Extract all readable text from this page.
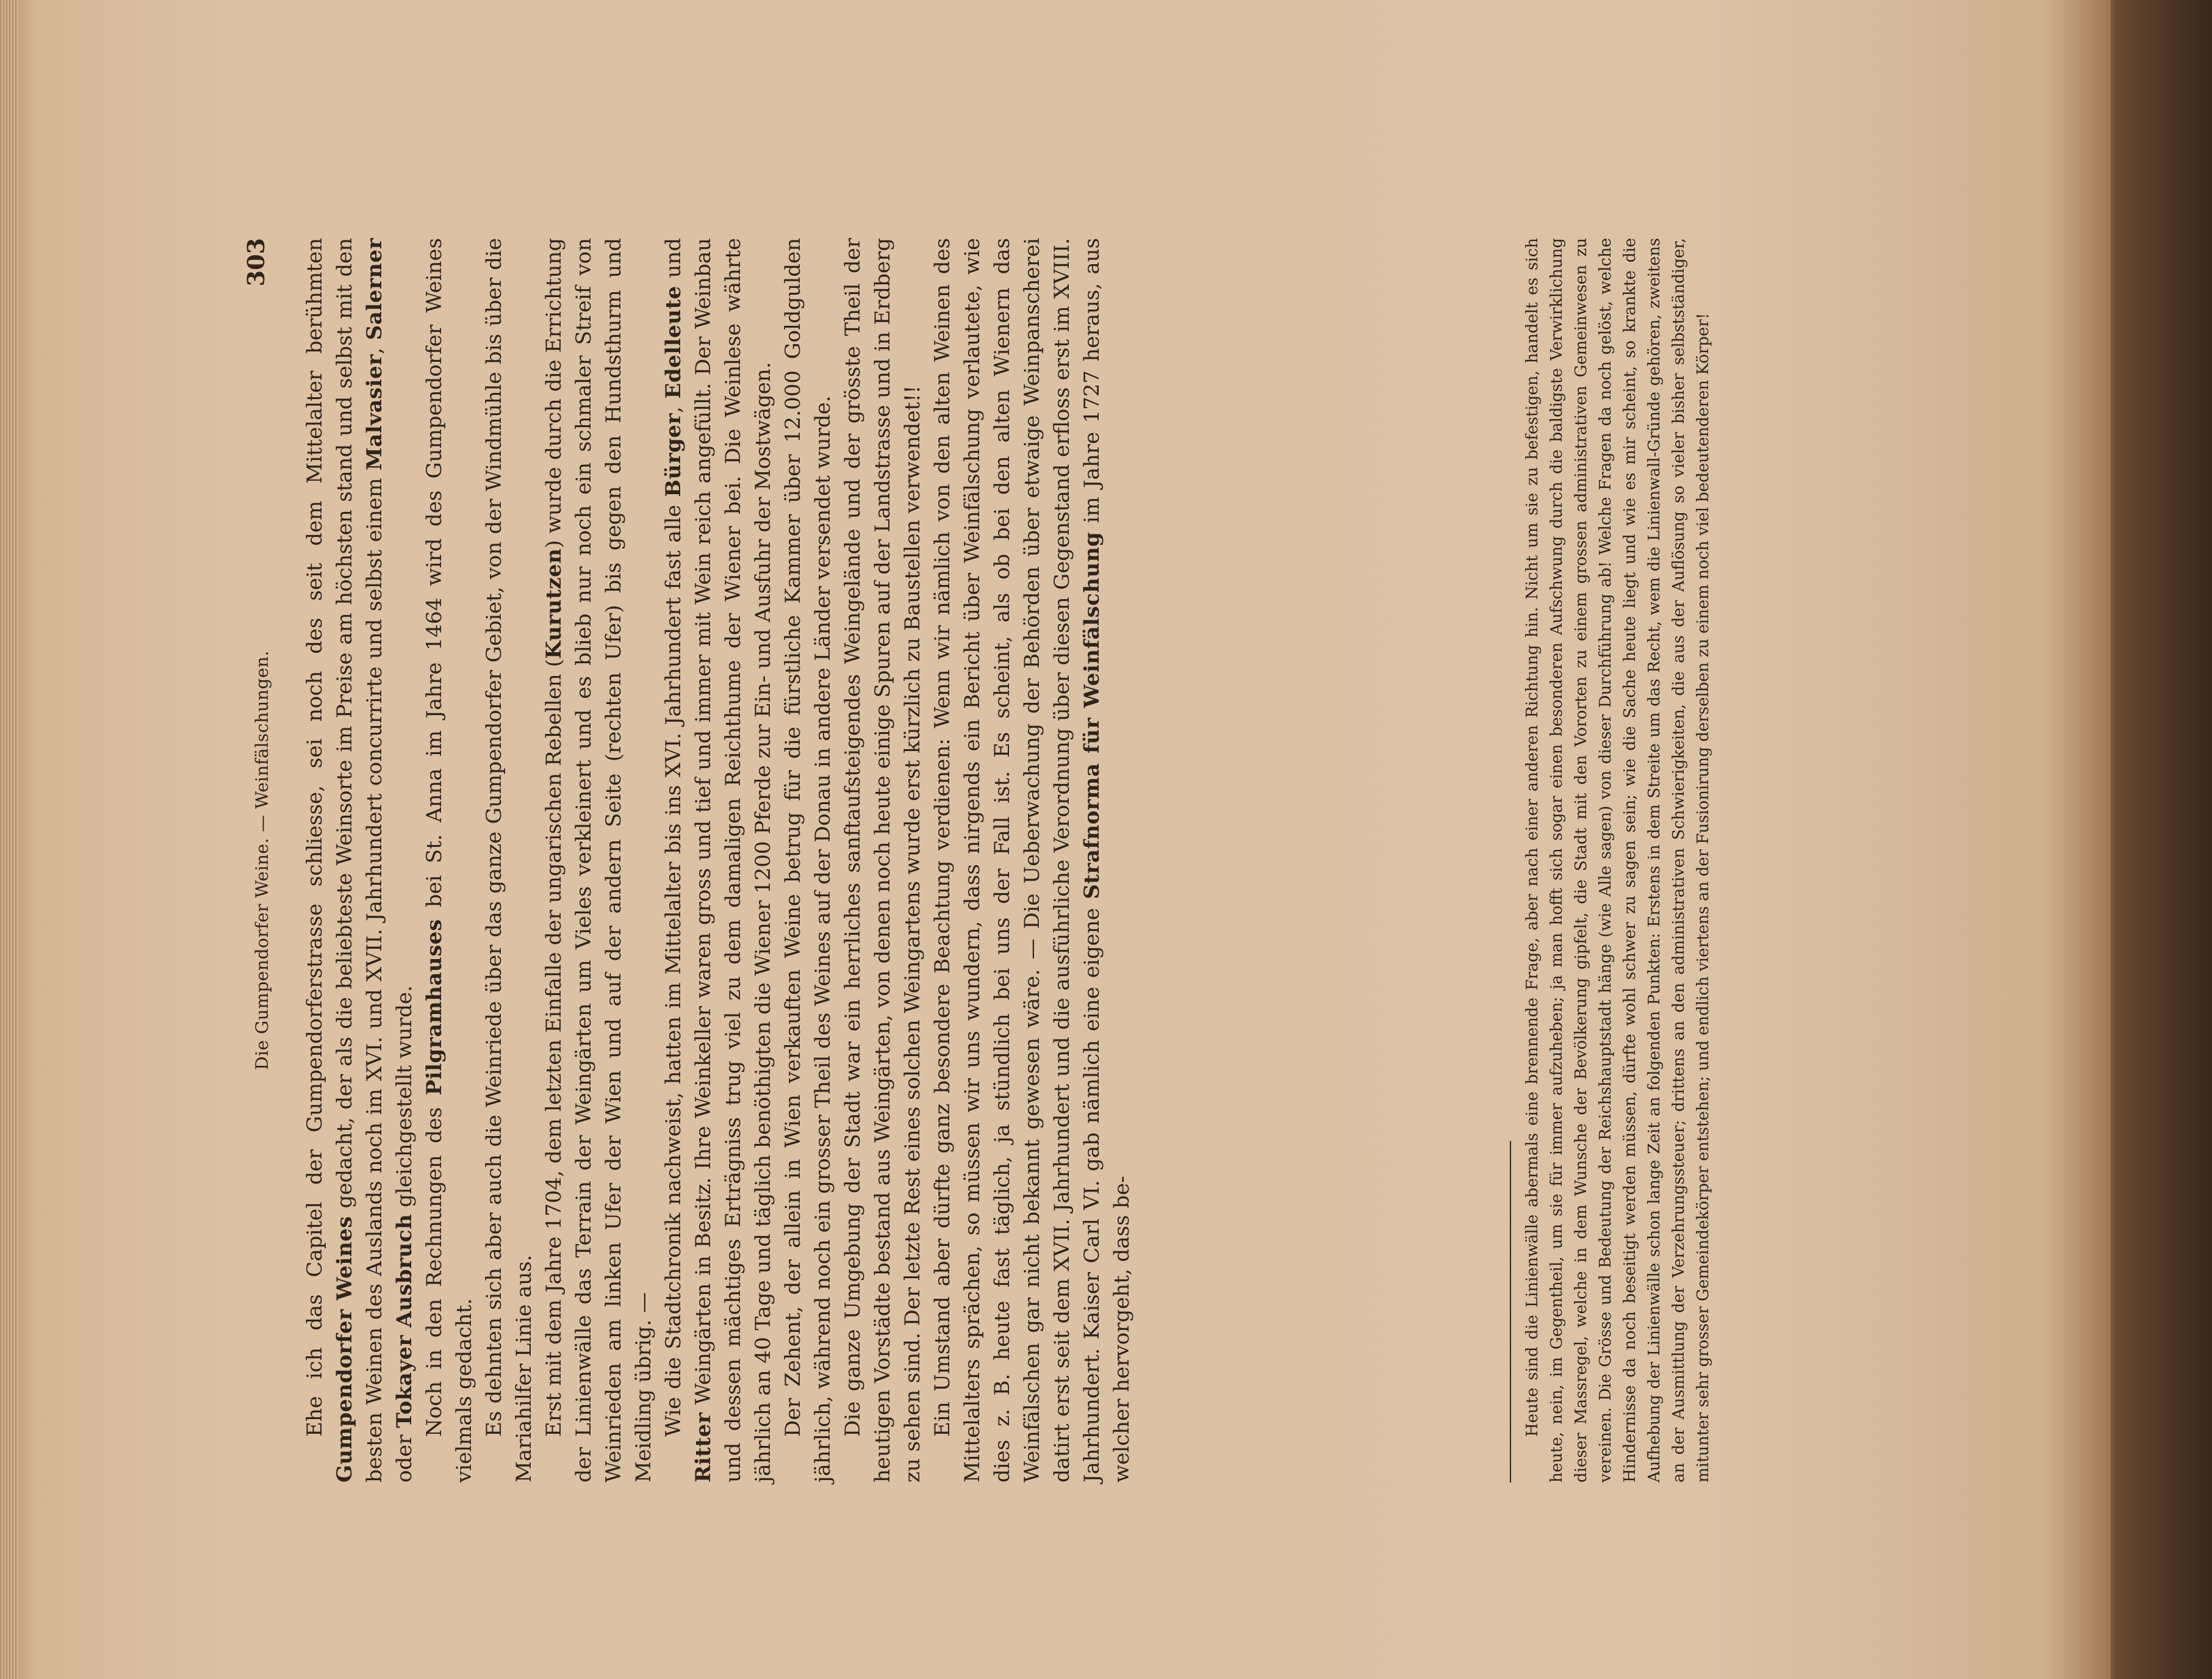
Die Gumpendorfer Weine. — Weinfälschungen.
303 Ehe ich das Capitel der Gumpendorferstrasse schliesse, sei noch des seit dem Mittelalter berühmten Gumpendorfer Weines gedacht, der als die beliebteste Weinsorte im Preise am höchsten stand und selbst mit den besten Weinen des Auslands noch im XVI. und XVII. Jahrhundert concurrirte und selbst einem Malvasier, Salerner oder Tokayer Ausbruch gleichgestellt wurde. Noch in den Rechnungen des Pilgramhauses bei St. Anna im Jahre 1464 wird des Gumpendorfer Weines vielmals gedacht. Es dehnten sich aber auch die Weinriede über das ganze Gumpendorfer Gebiet, von der Windmühle bis über die Mariahilfer Linie aus. Erst mit dem Jahre 1704, dem letzten Einfalle der ungarischen Rebellen (Kurutzen) wurde durch die Errichtung der Linienwälle das Terrain der Weingärten um Vieles verkleinert und es blieb nur noch ein schmaler Streif von Weinrieden am linken Ufer der Wien und auf der andern Seite (rechten Ufer) bis gegen den Hundsthurm und Meidling übrig. — Wie die Stadtchronik nachweist, hatten im Mittelalter bis ins XVI. Jahrhundert fast alle Bürger, Edelleute und Ritter Weingärten in Besitz. Ihre Weinkeller waren gross und tief und immer mit Wein reich angefüllt. Der Weinbau und dessen mächtiges Erträgniss trug viel zu dem damaligen Reichthume der Wiener bei. Die Weinlese währte jährlich an 40 Tage und täglich benöthigten die Wiener 1200 Pferde zur Ein- und Ausfuhr der Mostwägen. Der Zehent, der allein in Wien verkauften Weine betrug für die fürstliche Kammer über 12.000 Goldgulden jährlich, während noch ein grosser Theil des Weines auf der Donau in andere Länder versendet wurde. Die ganze Umgebung der Stadt war ein herrliches sanftaufsteigendes Weingelände und der grösste Theil der heutigen Vorstädte bestand aus Weingärten, von denen noch heute einige Spuren auf der Landstrasse und in Erdberg zu sehen sind. Der letzte Rest eines solchen Weingartens wurde erst kürzlich zu Baustellen verwendet!! Ein Umstand aber dürfte ganz besondere Beachtung verdienen: Wenn wir nämlich von den alten Weinen des Mittelalters sprächen, so müssen wir uns wundern, dass nirgends ein Bericht über Weinfälschung verlautete, wie dies z. B. heute fast täglich, ja stündlich bei uns der Fall ist. Es scheint, als ob bei den alten Wienern das Weinfälschen gar nicht bekannt gewesen wäre. — Die Ueberwachung der Behörden über etwaige Weinpanscherei datirt erst seit dem XVII. Jahrhundert und die ausführliche Verordnung über diesen Gegenstand erfloss erst im XVIII. Jahrhundert. Kaiser Carl VI. gab nämlich eine eigene Strafnorma für Weinfälschung im Jahre 1727 heraus, aus welcher hervorgeht, dass be-	Heute sind die Linienwälle abermals eine brennende Frage, aber nach einer anderen Richtung hin. Nicht um sie zu befestigen, handelt es sich heute, nein, im Gegentheil, um sie für immer aufzuheben; ja man hofft sich sogar einen besonderen Aufschwung durch die baldigste Verwirklichung dieser Massregel, welche in dem Wunsche der Bevölkerung gipfelt, die Stadt mit den Vororten zu einem grossen administrativen Gemeinwesen zu vereinen. Die Grösse und Bedeutung der Reichshauptstadt hänge (wie Alle sagen) von dieser Durchführung ab! Welche Fragen da noch gelöst, welche Hindernisse da noch beseitigt werden müssen, dürfte wohl schwer zu sagen sein; wie die Sache heute liegt und wie es mir scheint, so krankte die Aufhebung der Linienwälle schon lange Zeit an folgenden Punkten: Erstens in dem Streite um das Recht, wem die Linienwall-Gründe gehören, zweitens an der Ausmittlung der Verzehrungssteuer; drittens an den administrativen Schwierigkeiten, die aus der Auflösung so vieler bisher selbstständiger, mitunter sehr grosser Gemeindekörper entstehen; und endlich viertens an der Fusionirung derselben zu einem noch viel bedeutenderen Körper!
